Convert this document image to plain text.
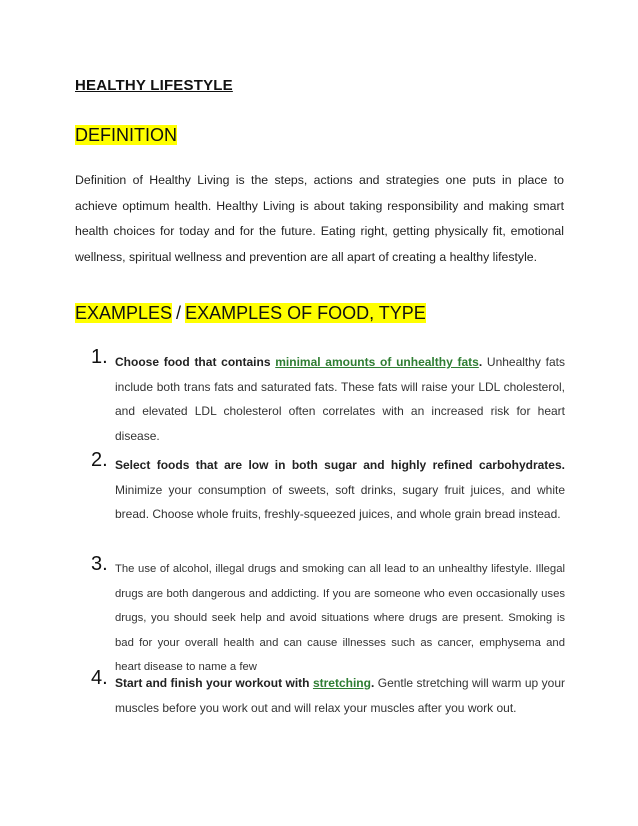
HEALTHY LIFESTYLE
DEFINITION
Definition of Healthy Living is the steps, actions and strategies one puts in place to achieve optimum health. Healthy Living is about taking responsibility and making smart health choices for today and for the future. Eating right, getting physically fit, emotional wellness, spiritual wellness and prevention are all apart of creating a healthy lifestyle.
EXAMPLES / EXAMPLES OF FOOD, TYPE
1. Choose food that contains minimal amounts of unhealthy fats. Unhealthy fats include both trans fats and saturated fats. These fats will raise your LDL cholesterol, and elevated LDL cholesterol often correlates with an increased risk for heart disease.
2. Select foods that are low in both sugar and highly refined carbohydrates. Minimize your consumption of sweets, soft drinks, sugary fruit juices, and white bread. Choose whole fruits, freshly-squeezed juices, and whole grain bread instead.
3. The use of alcohol, illegal drugs and smoking can all lead to an unhealthy lifestyle. Illegal drugs are both dangerous and addicting. If you are someone who even occasionally uses drugs, you should seek help and avoid situations where drugs are present. Smoking is bad for your overall health and can cause illnesses such as cancer, emphysema and heart disease to name a few
4. Start and finish your workout with stretching. Gentle stretching will warm up your muscles before you work out and will relax your muscles after you work out.
